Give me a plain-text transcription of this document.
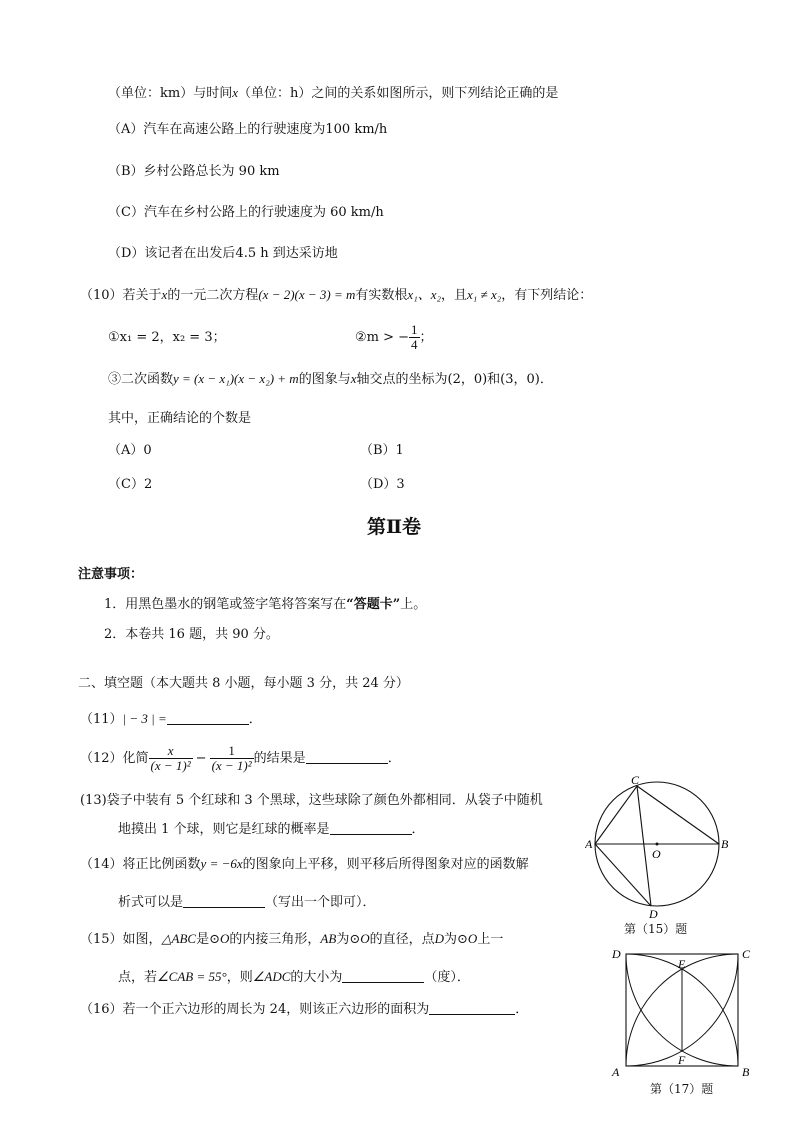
（单位：km）与时间x（单位：h）之间的关系如图所示，则下列结论正确的是
（A）汽车在高速公路上的行驶速度为100 km/h
（B）乡村公路总长为 90 km
（C）汽车在乡村公路上的行驶速度为 60 km/h
（D）该记者在出发后4.5 h 到达采访地
（10）若关于x的一元二次方程(x − 2)(x − 3) = m有实数根x₁、x₂，且x₁ ≠ x₂，有下列结论：
①x₁ = 2，x₂ = 3；	②m > − $\frac{1}{4}$ ；
③二次函数y = (x − x₁)(x − x₂) + m的图象与x轴交点的坐标为(2，0)和(3，0)．
其中，正确结论的个数是
（A）0	（B）1
（C）2	（D）3
第Ⅱ卷
注意事项：
1．用黑色墨水的钢笔或签字笔将答案写在“答题卡”上。
2．本卷共 16 题，共 90 分。
二、填空题（本大题共 8 小题，每小题 3 分，共 24 分）
（11）| − 3 | =	．
（12）化简 $\frac{x}{\text{(x − 1)²}} - \frac{1}{\text{(x − 1)²}}$ 的结果是	．
(13)袋子中装有 5 个红球和 3 个黑球，这些球除了颜色外都相同．从袋子中随机
地摸出 1 个球，则它是红球的概率是	．
（14）将正比例函数y = −6x的图象向上平移，则平移后所得图象对应的函数解
析式可以是	（写出一个即可）．
（15）如图，△ABC是⊙O的内接三角形，AB为⊙O的直径，点D为⊙O上一
点，若∠CAB = 55°，则∠ADC的大小为	（度）．
（16）若一个正六边形的周长为 24，则该正六边形的面积为	．
C
A	B
O
D
第（15）题
D	C
E
F
A	B
第（17）题
